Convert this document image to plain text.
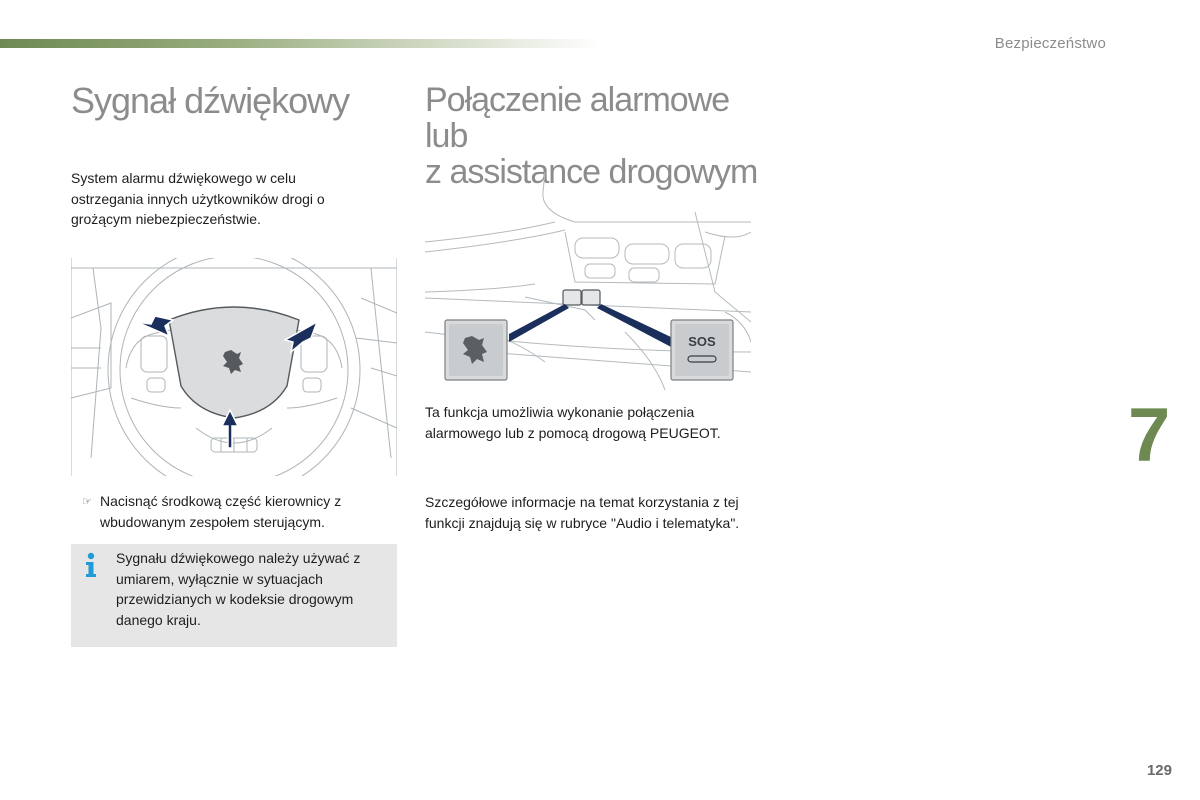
Bezpieczeństwo
Sygnał dźwiękowy

System alarmu dźwiękowego w celu ostrzegania innych użytkowników drogi o grożącym niebezpieczeństwie.

☞ Nacisnąć środkową część kierownicy z wbudowanym zespołem sterującym.

Sygnału dźwiękowego należy używać z umiarem, wyłącznie w sytuacjach przewidzianych w kodeksie drogowym danego kraju.

Połączenie alarmowe lub
z assistance drogowym
SOS

Ta funkcja umożliwia wykonanie połączenia alarmowego lub z pomocą drogową PEUGEOT.

Szczegółowe informacje na temat korzystania z tej funkcji znajdują się w rubryce "Audio i telematyka".

7
129
